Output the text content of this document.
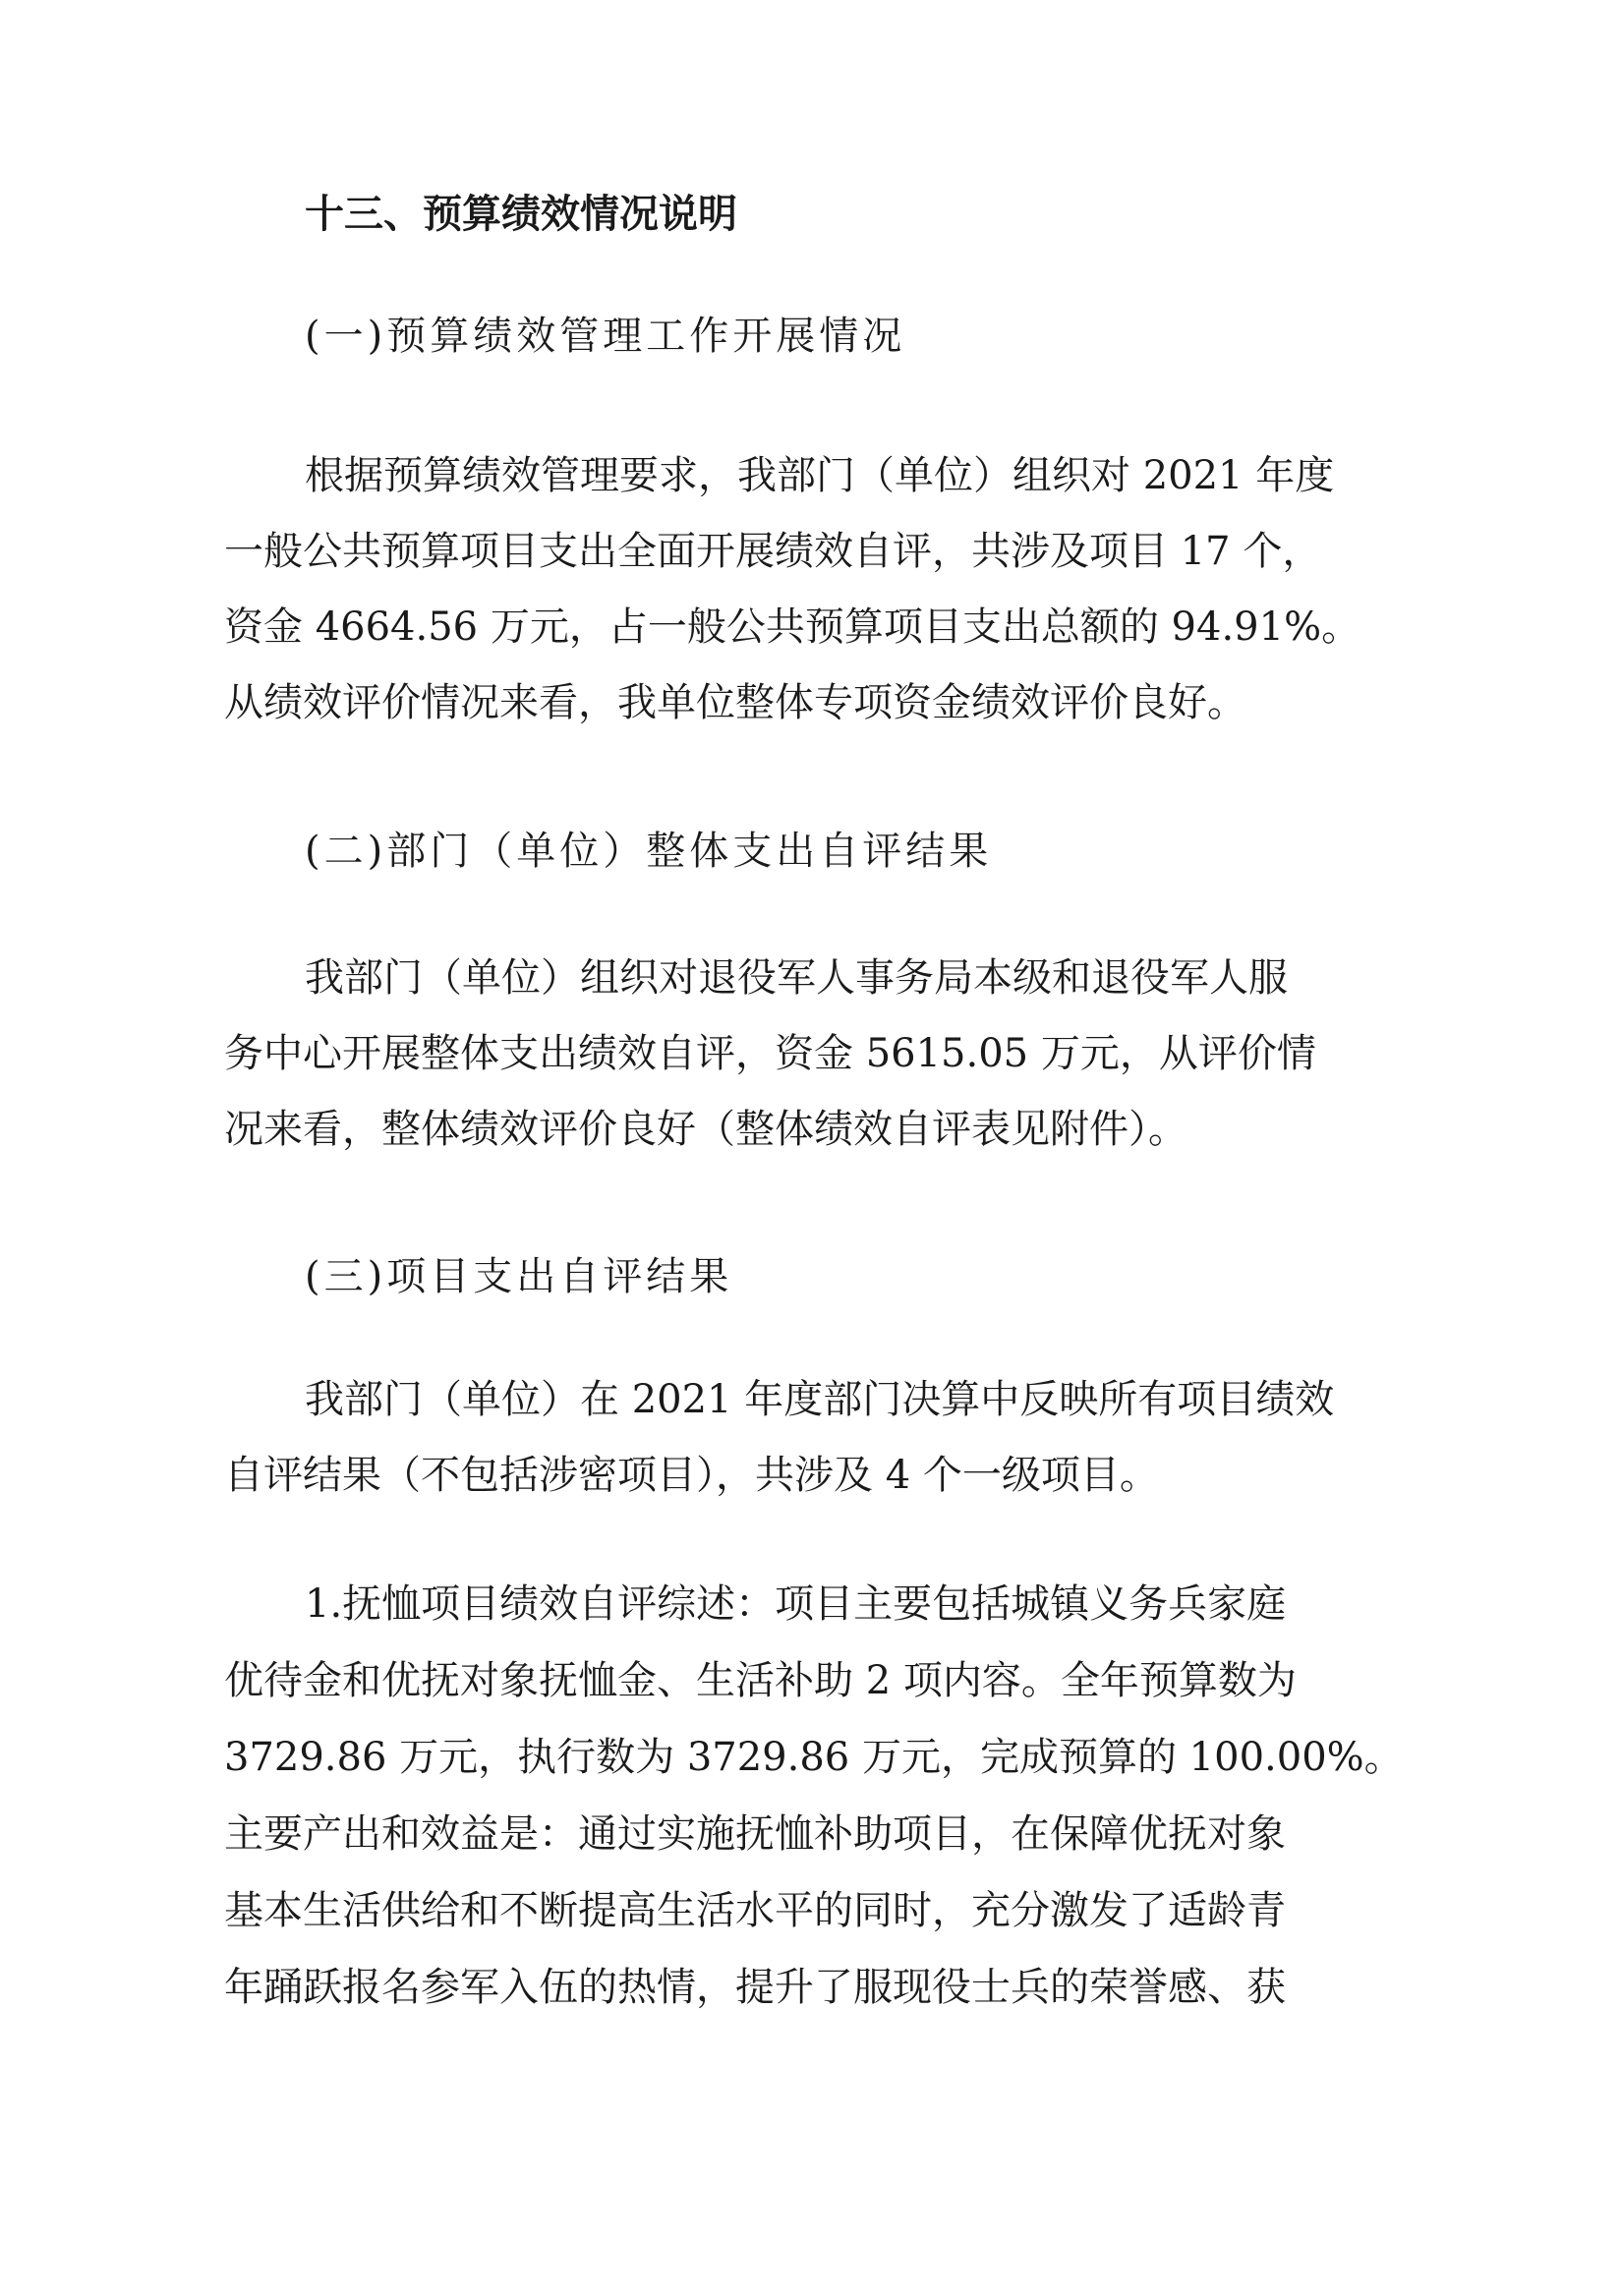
十三、预算绩效情况说明
(一)预算绩效管理工作开展情况
根据预算绩效管理要求，我部门（单位）组织对 2021 年度
一般公共预算项目支出全面开展绩效自评，共涉及项目 17 个，
资金 4664.56 万元，占一般公共预算项目支出总额的 94.91%。
从绩效评价情况来看，我单位整体专项资金绩效评价良好。
(二)部门（单位）整体支出自评结果
我部门（单位）组织对退役军人事务局本级和退役军人服
务中心开展整体支出绩效自评，资金 5615.05 万元，从评价情
况来看，整体绩效评价良好（整体绩效自评表见附件）。
(三)项目支出自评结果
我部门（单位）在 2021 年度部门决算中反映所有项目绩效
自评结果（不包括涉密项目），共涉及 4 个一级项目。
1.抚恤项目绩效自评综述：项目主要包括城镇义务兵家庭
优待金和优抚对象抚恤金、生活补助 2 项内容。全年预算数为
3729.86 万元，执行数为 3729.86 万元，完成预算的 100.00%。
主要产出和效益是：通过实施抚恤补助项目，在保障优抚对象
基本生活供给和不断提高生活水平的同时，充分激发了适龄青
年踊跃报名参军入伍的热情，提升了服现役士兵的荣誉感、获
